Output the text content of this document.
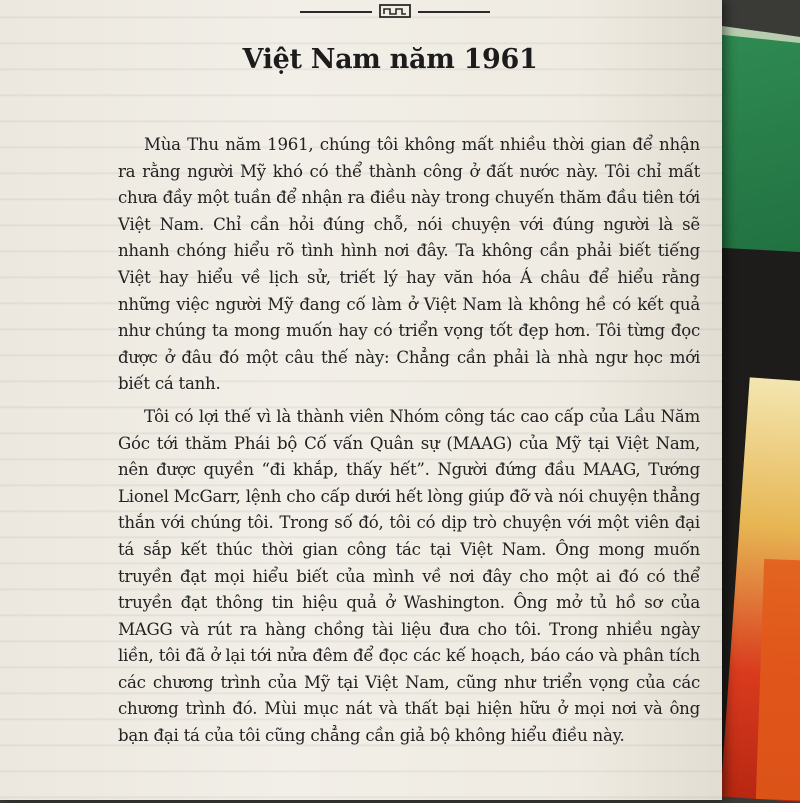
Việt Nam năm 1961

Mùa Thu năm 1961, chúng tôi không mất nhiều thời gian để nhận ra rằng người Mỹ khó có thể thành công ở đất nước này. Tôi chỉ mất chưa đầy một tuần để nhận ra điều này trong chuyến thăm đầu tiên tới Việt Nam. Chỉ cần hỏi đúng chỗ, nói chuyện với đúng người là sẽ nhanh chóng hiểu rõ tình hình nơi đây. Ta không cần phải biết tiếng Việt hay hiểu về lịch sử, triết lý hay văn hóa Á châu để hiểu rằng những việc người Mỹ đang cố làm ở Việt Nam là không hề có kết quả như chúng ta mong muốn hay có triển vọng tốt đẹp hơn. Tôi từng đọc được ở đâu đó một câu thế này: Chẳng cần phải là nhà ngư học mới biết cá tanh.

Tôi có lợi thế vì là thành viên Nhóm công tác cao cấp của Lầu Năm Góc tới thăm Phái bộ Cố vấn Quân sự (MAAG) của Mỹ tại Việt Nam, nên được quyền “đi khắp, thấy hết”. Người đứng đầu MAAG, Tướng Lionel McGarr, lệnh cho cấp dưới hết lòng giúp đỡ và nói chuyện thẳng thắn với chúng tôi. Trong số đó, tôi có dịp trò chuyện với một viên đại tá sắp kết thúc thời gian công tác tại Việt Nam. Ông mong muốn truyền đạt mọi hiểu biết của mình về nơi đây cho một ai đó có thể truyền đạt thông tin hiệu quả ở Washington. Ông mở tủ hồ sơ của MAGG và rút ra hàng chồng tài liệu đưa cho tôi. Trong nhiều ngày liền, tôi đã ở lại tới nửa đêm để đọc các kế hoạch, báo cáo và phân tích các chương trình của Mỹ tại Việt Nam, cũng như triển vọng của các chương trình đó. Mùi mục nát và thất bại hiện hữu ở mọi nơi và ông bạn đại tá của tôi cũng chẳng cần giả bộ không hiểu điều này.
